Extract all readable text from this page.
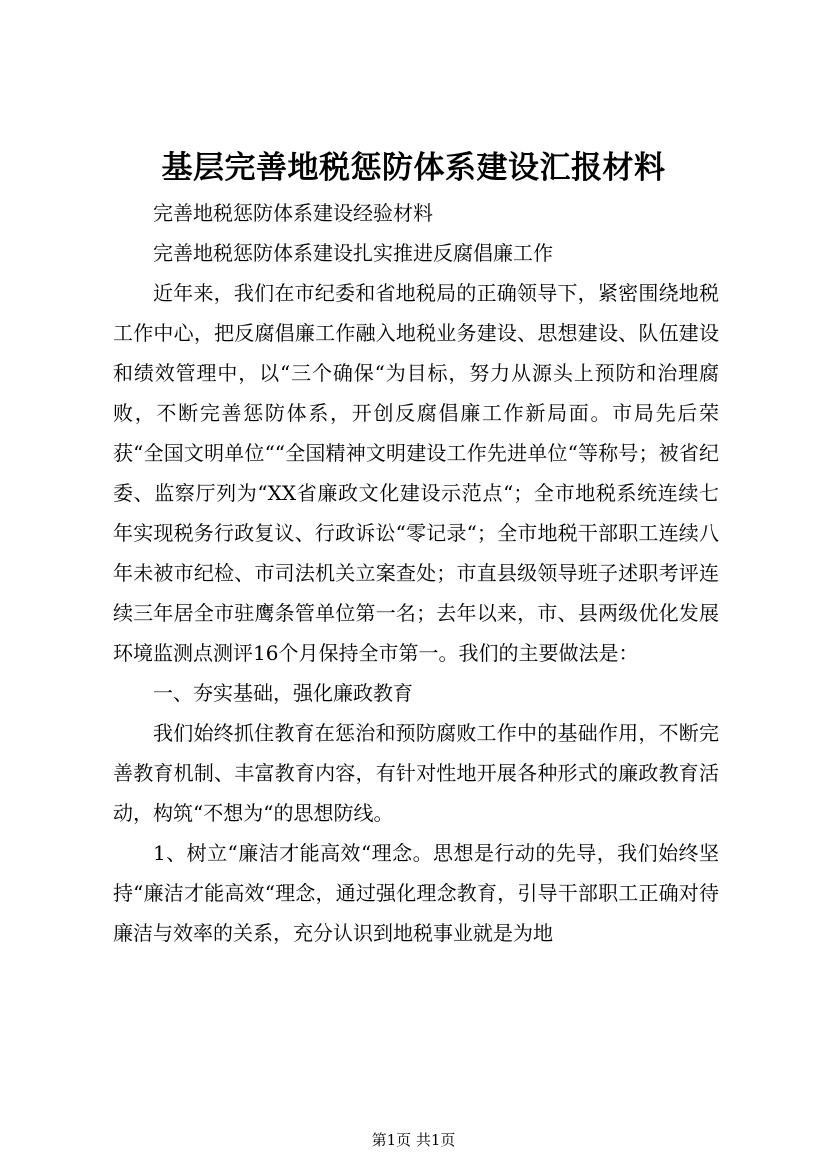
基层完善地税惩防体系建设汇报材料

完善地税惩防体系建设经验材料

完善地税惩防体系建设扎实推进反腐倡廉工作

近年来，我们在市纪委和省地税局的正确领导下，紧密围绕地税工作中心，把反腐倡廉工作融入地税业务建设、思想建设、队伍建设和绩效管理中，以“三个确保“为目标，努力从源头上预防和治理腐败，不断完善惩防体系，开创反腐倡廉工作新局面。市局先后荣获“全国文明单位““全国精神文明建设工作先进单位“等称号；被省纪委、监察厅列为“XX省廉政文化建设示范点“；全市地税系统连续七年实现税务行政复议、行政诉讼“零记录“；全市地税干部职工连续八年未被市纪检、市司法机关立案查处；市直县级领导班子述职考评连续三年居全市驻鹰条管单位第一名；去年以来，市、县两级优化发展环境监测点测评16个月保持全市第一。我们的主要做法是：

一、夯实基础，强化廉政教育

我们始终抓住教育在惩治和预防腐败工作中的基础作用，不断完善教育机制、丰富教育内容，有针对性地开展各种形式的廉政教育活动，构筑“不想为“的思想防线。

1、树立“廉洁才能高效“理念。思想是行动的先导，我们始终坚持“廉洁才能高效“理念，通过强化理念教育，引导干部职工正确对待廉洁与效率的关系，充分认识到地税事业就是为地

第1页 共1页
